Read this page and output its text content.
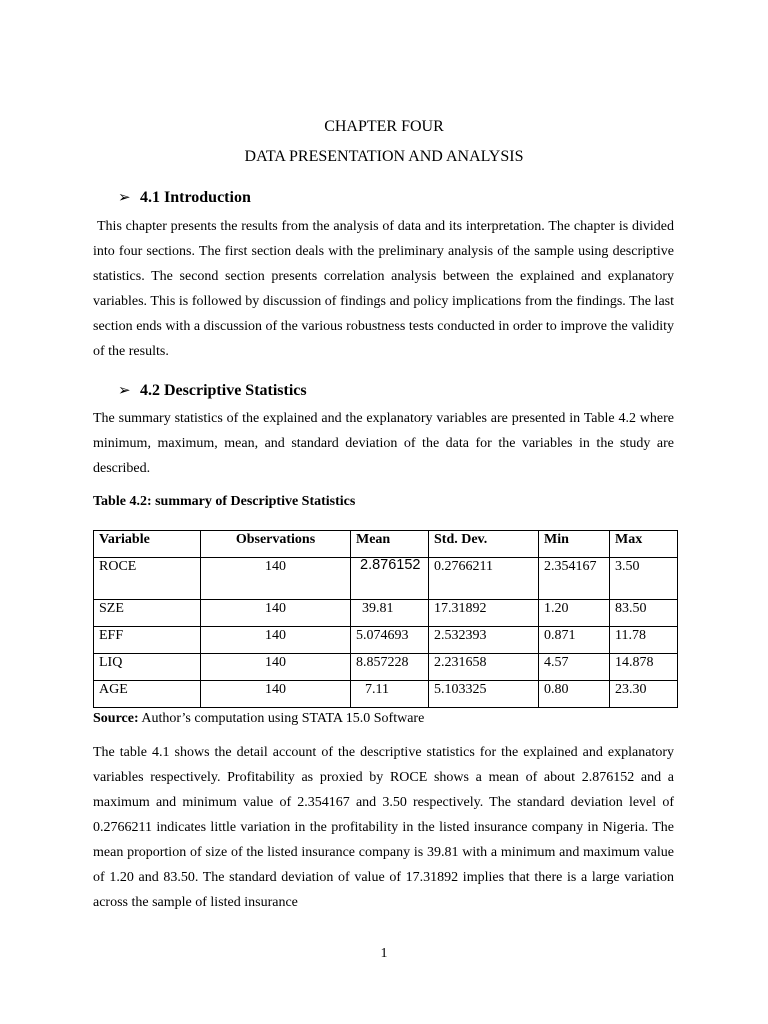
CHAPTER FOUR
DATA PRESENTATION AND ANALYSIS
➢ 4.1 Introduction
This chapter presents the results from the analysis of data and its interpretation. The chapter is divided into four sections. The first section deals with the preliminary analysis of the sample using descriptive statistics. The second section presents correlation analysis between the explained and explanatory variables. This is followed by discussion of findings and policy implications from the findings. The last section ends with a discussion of the various robustness tests conducted in order to improve the validity of the results.
➢ 4.2 Descriptive Statistics
The summary statistics of the explained and the explanatory variables are presented in Table 4.2 where minimum, maximum, mean, and standard deviation of the data for the variables in the study are described.
Table 4.2: summary of Descriptive Statistics
Variable	Observations	Mean	Std. Dev.	Min	Max
ROCE	140	2.876152	0.2766211	2.354167	3.50
SZE	140	39.81	17.31892	1.20	83.50
EFF	140	5.074693	2.532393	0.871	11.78
LIQ	140	8.857228	2.231658	4.57	14.878
AGE	140	7.11	5.103325	0.80	23.30
Source: Author’s computation using STATA 15.0 Software
The table 4.1 shows the detail account of the descriptive statistics for the explained and explanatory variables respectively. Profitability as proxied by ROCE shows a mean of about 2.876152 and a maximum and minimum value of 2.354167 and 3.50 respectively. The standard deviation level of 0.2766211 indicates little variation in the profitability in the listed insurance company in Nigeria. The mean proportion of size of the listed insurance company is 39.81 with a minimum and maximum value of 1.20 and 83.50. The standard deviation of value of 17.31892 implies that there is a large variation across the sample of listed insurance
1
